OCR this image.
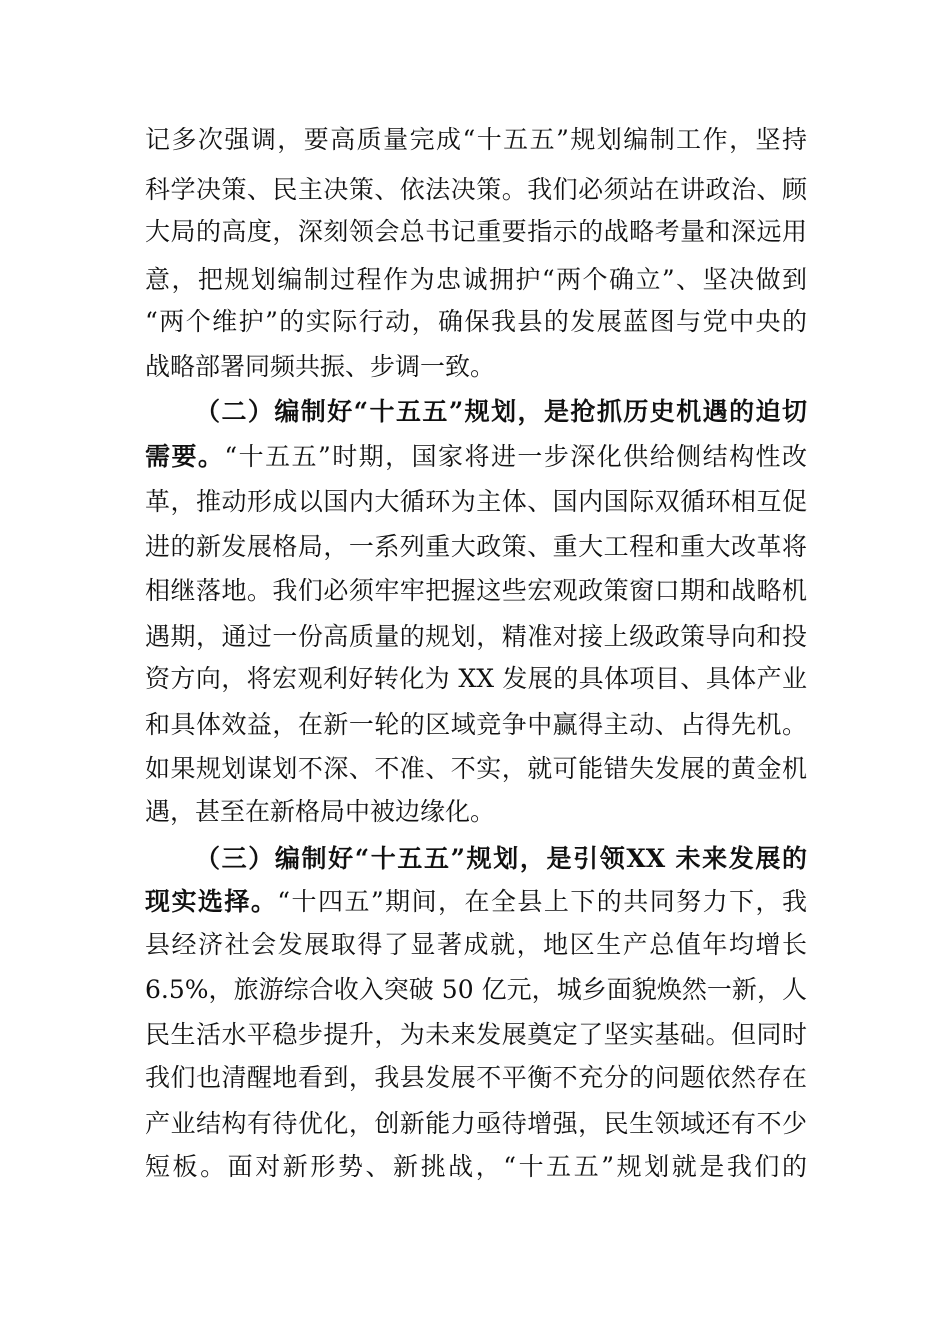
记多次强调，要高质量完成“十五五”规划编制工作，坚持
科学决策、民主决策、依法决策。我们必须站在讲政治、顾
大局的高度，深刻领会总书记重要指示的战略考量和深远用
意，把规划编制过程作为忠诚拥护“两个确立”、坚决做到
“两个维护”的实际行动，确保我县的发展蓝图与党中央的
战略部署同频共振、步调一致。
（二）编制好“十五五”规划，是抢抓历史机遇的迫切
需要。“十五五”时期，国家将进一步深化供给侧结构性改
革，推动形成以国内大循环为主体、国内国际双循环相互促
进的新发展格局，一系列重大政策、重大工程和重大改革将
相继落地。我们必须牢牢把握这些宏观政策窗口期和战略机
遇期，通过一份高质量的规划，精准对接上级政策导向和投
资方向，将宏观利好转化为 XX 发展的具体项目、具体产业
和具体效益，在新一轮的区域竞争中赢得主动、占得先机。
如果规划谋划不深、不准、不实，就可能错失发展的黄金机
遇，甚至在新格局中被边缘化。
（三）编制好“十五五”规划，是引领XX 未来发展的
现实选择。“十四五”期间，在全县上下的共同努力下，我
县经济社会发展取得了显著成就，地区生产总值年均增长
6.5%，旅游综合收入突破 50 亿元，城乡面貌焕然一新，人
民生活水平稳步提升，为未来发展奠定了坚实基础。但同时
我们也清醒地看到，我县发展不平衡不充分的问题依然存在
产业结构有待优化，创新能力亟待增强，民生领域还有不少
短板。面对新形势、新挑战，“十五五”规划就是我们的
